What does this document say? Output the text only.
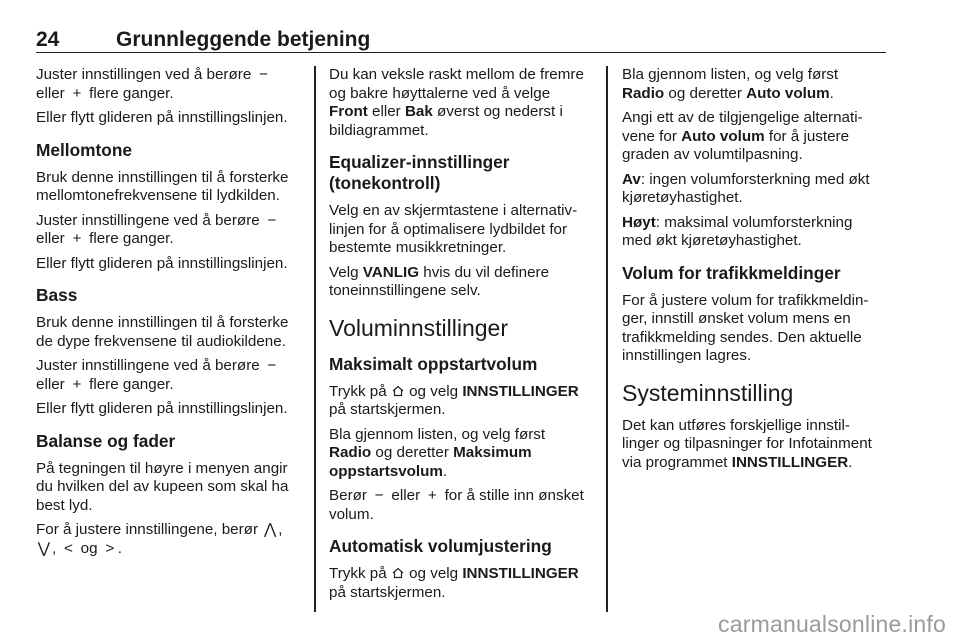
24	Grunnleggende betjening

Juster innstillingen ved å berøre − eller + flere ganger.

Eller flytt glideren på innstillingslinjen.

Mellomtone

Bruk denne innstillingen til å forsterke mellomtonefrekvensene til lydkilden.

Juster innstillingene ved å berøre − eller + flere ganger.

Eller flytt glideren på innstillingslinjen.

Bass

Bruk denne innstillingen til å forsterke de dype frekvensene til audiokildene.

Juster innstillingene ved å berøre − eller + flere ganger.

Eller flytt glideren på innstillingslinjen.

Balanse og fader

På tegningen til høyre i menyen angir du hvilken del av kupeen som skal ha best lyd.

For å justere innstillingene, berør ⋀ , ⋁ , < og > .

Du kan veksle raskt mellom de fremre og bakre høyttalerne ved å velge Front eller Bak øverst og nederst i bildiagrammet.

Equalizer-innstillinger (tonekontroll)

Velg en av skjermtastene i alternativ-linjen for å optimalisere lydbildet for bestemte musikkretninger.

Velg VANLIG hvis du vil definere toneinnstillingene selv.

Voluminnstillinger
Maksimalt oppstartvolum

Trykk på  og velg INNSTILLINGER på startskjermen.

Bla gjennom listen, og velg først Radio og deretter Maksimum oppstartsvolum.

Berør − eller + for å stille inn ønsket volum.

Automatisk volumjustering

Trykk på  og velg INNSTILLINGER på startskjermen.

Bla gjennom listen, og velg først Radio og deretter Auto volum.

Angi ett av de tilgjengelige alternati-vene for Auto volum for å justere graden av volumtilpasning.

Av: ingen volumforsterkning med økt kjøretøyhastighet.

Høyt: maksimal volumforsterkning med økt kjøretøyhastighet.

Volum for trafikkmeldinger

For å justere volum for trafikkmeldin-ger, innstill ønsket volum mens en trafikkmelding sendes. Den aktuelle innstillingen lagres.

Systeminnstilling

Det kan utføres forskjellige innstil-linger og tilpasninger for Infotainment via programmet INNSTILLINGER.

carmanualsonline.info
